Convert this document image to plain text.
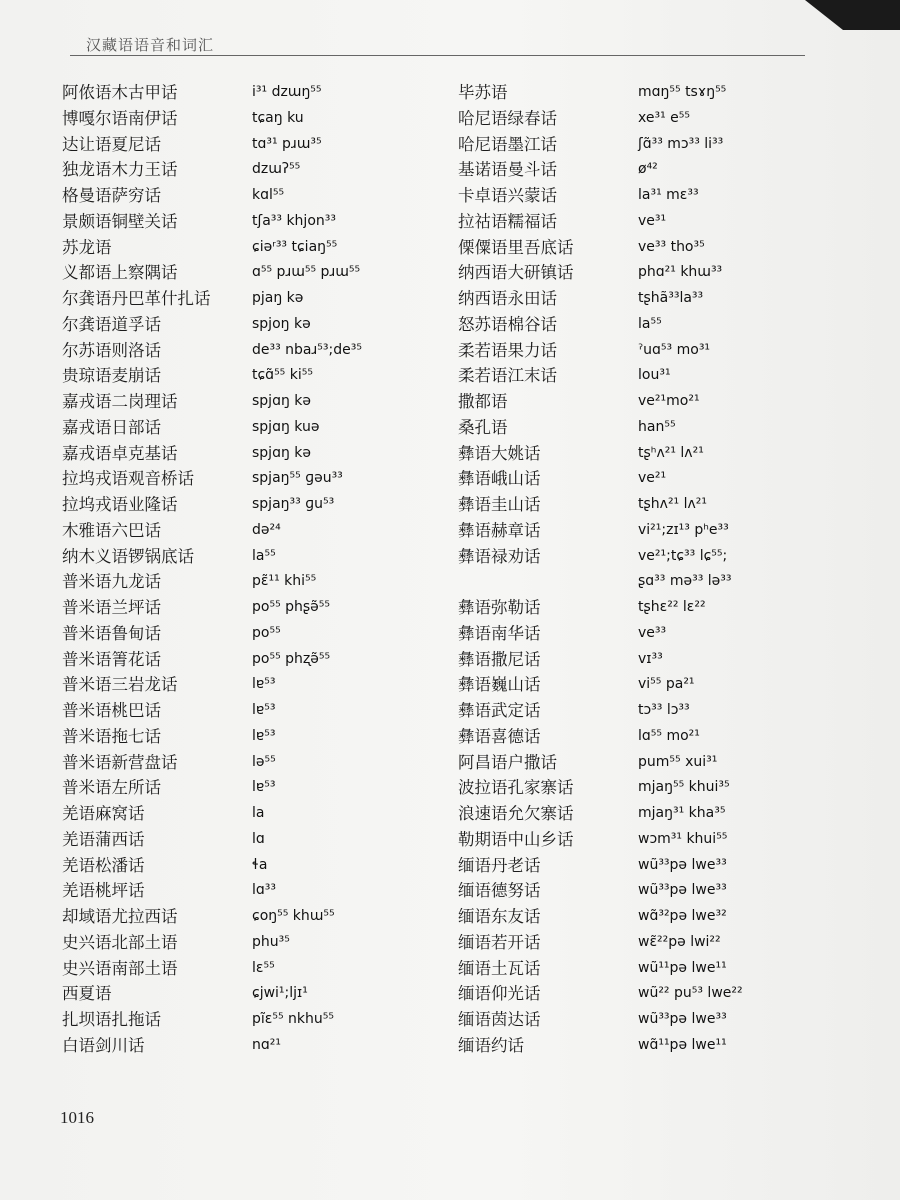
汉藏语语音和词汇
阿侬语木古甲话	i³¹ dzɯŋ⁵⁵
博嘎尔语南伊话	tɕaŋ ku
达让语夏尼话	tɑ³¹ pɹɯ³⁵
独龙语木力王话	dzɯʔ⁵⁵
格曼语萨穷话	kɑl⁵⁵
景颇语铜壁关话	tʃa³³ khjon³³
苏龙语	ɕiəʳ³³ tɕiaŋ⁵⁵
义都语上察隅话	ɑ⁵⁵ pɹɯ⁵⁵ pɹɯ⁵⁵
尔龚语丹巴革什扎话	pjaŋ kə
尔龚语道孚话	spjoŋ kə
尔苏语则洛话	de³³ nbaɹ⁵³;de³⁵
贵琼语麦崩话	tɕɑ̃⁵⁵ ki⁵⁵
嘉戎语二岗理话	spjɑŋ kə
嘉戎语日部话	spjɑŋ kuə
嘉戎语卓克基话	spjɑŋ kə
拉坞戎语观音桥话	spjaŋ⁵⁵ ɡəu³³
拉坞戎语业隆话	spjaŋ³³ ɡu⁵³
木雅语六巴话	də²⁴
纳木义语锣锅底话	la⁵⁵
普米语九龙话	pɛ̃¹¹ khi⁵⁵
普米语兰坪话	po⁵⁵ phʂə̃⁵⁵
普米语鲁甸话	po⁵⁵
普米语箐花话	po⁵⁵ phʐə̃⁵⁵
普米语三岩龙话	lɐ⁵³
普米语桃巴话	lɐ⁵³
普米语拖七话	lɐ⁵³
普米语新营盘话	lə⁵⁵
普米语左所话	lɐ⁵³
羌语麻窝话	la
羌语蒲西话	lɑ
羌语松潘话	ɬa
羌语桃坪话	lɑ³³
却域语尤拉西话	ɕoŋ⁵⁵ khɯ⁵⁵
史兴语北部土语	phu³⁵
史兴语南部土语	lɛ⁵⁵
西夏语	ɕjwi¹;ljɪ¹
扎坝语扎拖话	pĩɛ⁵⁵ nkhu⁵⁵
白语剑川话	nɑ²¹
毕苏语	mɑŋ⁵⁵ tsɤŋ⁵⁵
哈尼语绿春话	xe³¹ e⁵⁵
哈尼语墨江话	ʃɑ̃³³ mɔ³³ li³³
基诺语曼斗话	ø⁴²
卡卓语兴蒙话	la³¹ mɛ³³
拉祜语糯福话	ve³¹
傈僳语里吾底话	ve³³ tho³⁵
纳西语大研镇话	phɑ²¹ khɯ³³
纳西语永田话	tʂhã³³la³³
怒苏语棉谷话	la⁵⁵
柔若语果力话	ˀuɑ⁵³ mo³¹
柔若语江末话	lou³¹
撒都语	ve²¹mo²¹
桑孔语	han⁵⁵
彝语大姚话	tʂʰʌ²¹ lʌ²¹
彝语峨山话	ve²¹
彝语圭山话	tʂhʌ²¹ lʌ²¹
彝语赫章话	vi²¹;zɪ¹³ pʰe³³
彝语禄劝话	ve²¹;tɕ³³ lɕ⁵⁵;
ʂɑ³³ mə³³ lə³³
彝语弥勒话	tʂhɛ²² lɛ²²
彝语南华话	ve³³
彝语撒尼话	vɪ³³
彝语巍山话	vi⁵⁵ pa²¹
彝语武定话	tɔ³³ lɔ³³
彝语喜德话	lɑ⁵⁵ mo²¹
阿昌语户撒话	pum⁵⁵ xui³¹
波拉语孔家寨话	mjaŋ⁵⁵ khui³⁵
浪速语允欠寨话	mjaŋ³¹ kha³⁵
勒期语中山乡话	wɔm³¹ khui⁵⁵
缅语丹老话	wũ³³pə lwe³³
缅语德努话	wũ³³pə lwe³³
缅语东友话	wɑ̃³²pə lwe³²
缅语若开话	wɛ̃²²pə lwi²²
缅语土瓦话	wũ¹¹pə lwe¹¹
缅语仰光话	wũ²² pu⁵³ lwe²²
缅语茵达话	wũ³³pə lwe³³
缅语约话	wɑ̃¹¹pə lwe¹¹
1016
